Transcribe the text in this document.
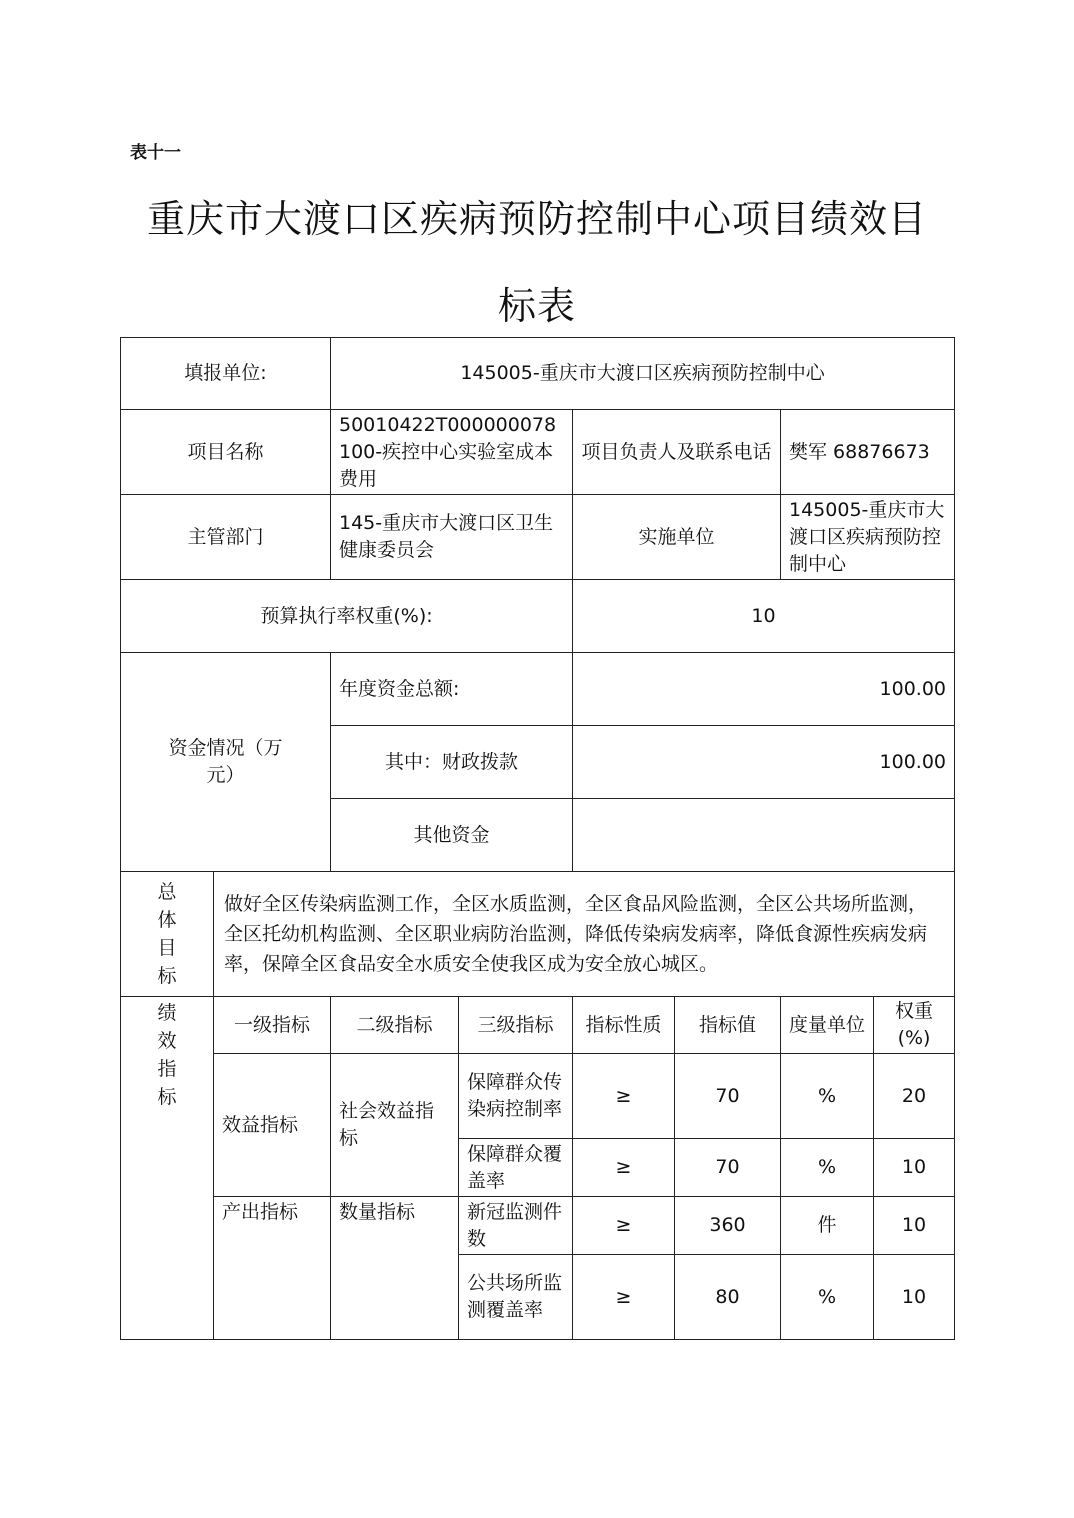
表十一
重庆市大渡口区疾病预防控制中心项目绩效目
标表
填报单位:		145005-重庆市大渡口区疾病预防控制中心					
项目名称		50010422T000000078100-疾控中心实验室成本费用		项目负责人及联系电话		樊军 68876673	
主管部门		145-重庆市大渡口区卫生健康委员会		实施单位		145005-重庆市大渡口区疾病预防控制中心	
预算执行率权重(%):				10			
资金情况（万元）		年度资金总额:		100.00			
		其中：财政拨款		100.00			
		其他资金					

总
体
目
标	做好全区传染病监测工作，全区水质监测，全区食品风险监测，全区公共场所监测，全区托幼机构监测、全区职业病防治监测，降低传染病发病率，降低食源性疾病发病率，保障全区食品安全水质安全使我区成为安全放心城区。						

绩
效
指
标	一级指标	二级指标	三级指标	指标性质	指标值	度量单位	权重(%)
	效益指标	社会效益指标	保障群众传染病控制率	≥	70	%	20
			保障群众覆盖率	≥	70	%	10
	产出指标	数量指标	新冠监测件数	≥	360	件	10
			公共场所监测覆盖率	≥	80	%	10
